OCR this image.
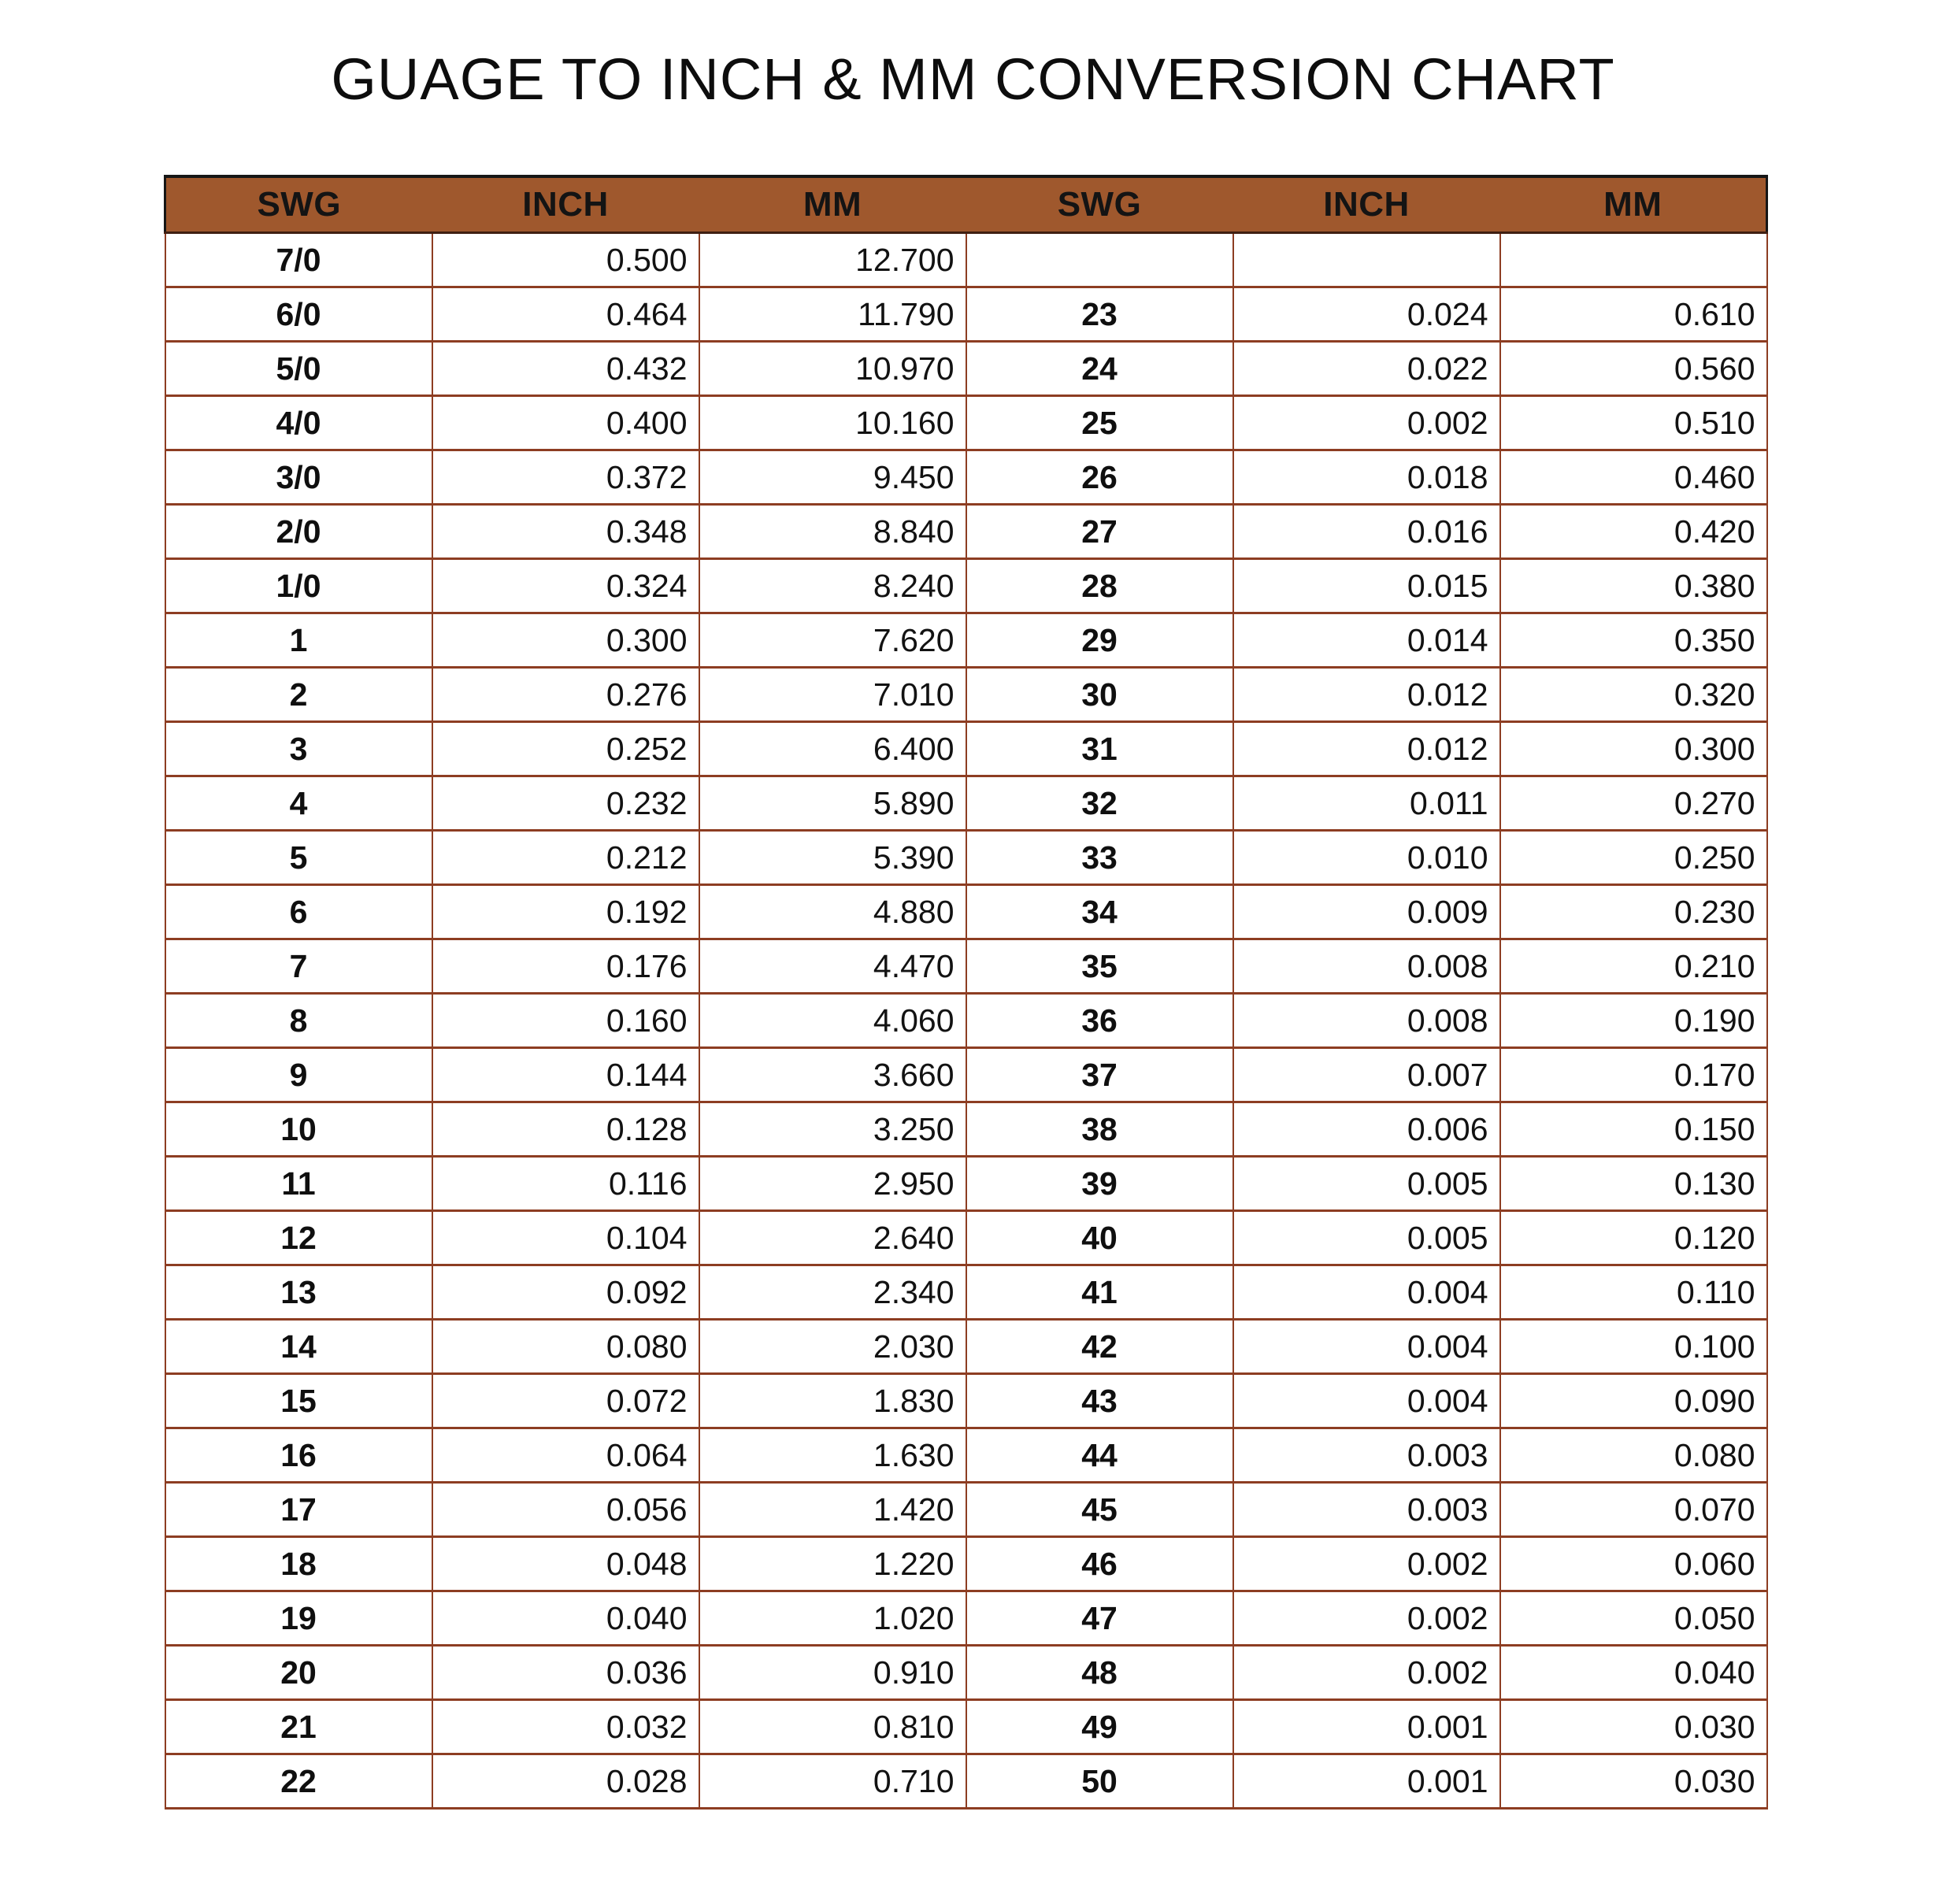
GUAGE TO INCH & MM CONVERSION CHART
SWG	INCH	MM	SWG	INCH	MM
7/0	0.500	12.700			
6/0	0.464	11.790	23	0.024	0.610
5/0	0.432	10.970	24	0.022	0.560
4/0	0.400	10.160	25	0.002	0.510
3/0	0.372	9.450	26	0.018	0.460
2/0	0.348	8.840	27	0.016	0.420
1/0	0.324	8.240	28	0.015	0.380
1	0.300	7.620	29	0.014	0.350
2	0.276	7.010	30	0.012	0.320
3	0.252	6.400	31	0.012	0.300
4	0.232	5.890	32	0.011	0.270
5	0.212	5.390	33	0.010	0.250
6	0.192	4.880	34	0.009	0.230
7	0.176	4.470	35	0.008	0.210
8	0.160	4.060	36	0.008	0.190
9	0.144	3.660	37	0.007	0.170
10	0.128	3.250	38	0.006	0.150
11	0.116	2.950	39	0.005	0.130
12	0.104	2.640	40	0.005	0.120
13	0.092	2.340	41	0.004	0.110
14	0.080	2.030	42	0.004	0.100
15	0.072	1.830	43	0.004	0.090
16	0.064	1.630	44	0.003	0.080
17	0.056	1.420	45	0.003	0.070
18	0.048	1.220	46	0.002	0.060
19	0.040	1.020	47	0.002	0.050
20	0.036	0.910	48	0.002	0.040
21	0.032	0.810	49	0.001	0.030
22	0.028	0.710	50	0.001	0.030
